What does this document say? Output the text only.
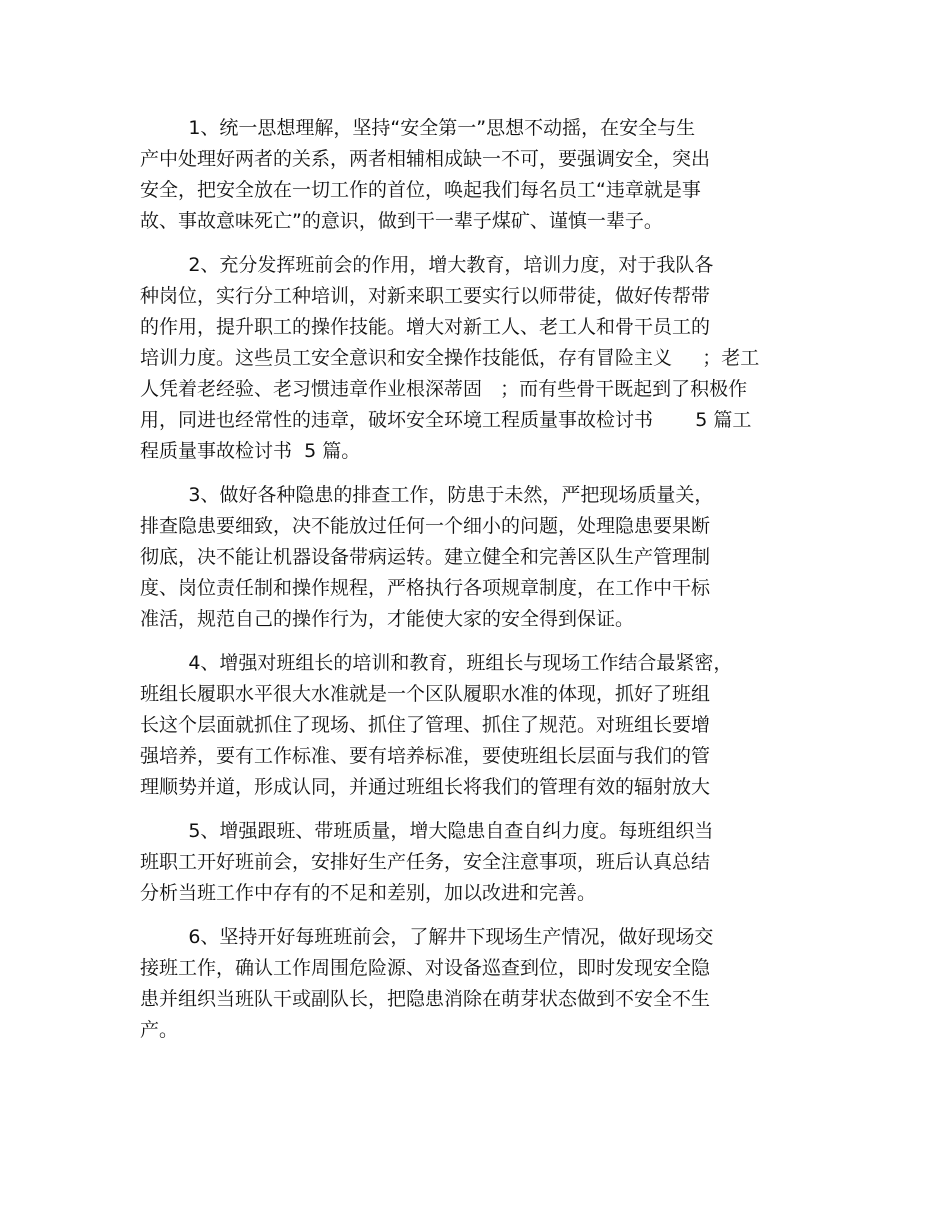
1、统一思想理解，坚持“安全第一”思想不动摇，在安全与生
产中处理好两者的关系，两者相辅相成缺一不可，要强调安全，突出
安全，把安全放在一切工作的首位，唤起我们每名员工“违章就是事
故、事故意味死亡”的意识，做到干一辈子煤矿、谨慎一辈子。
2、充分发挥班前会的作用，增大教育，培训力度，对于我队各
种岗位，实行分工种培训，对新来职工要实行以师带徒，做好传帮带
的作用，提升职工的操作技能。增大对新工人、老工人和骨干员工的
培训力度。这些员工安全意识和安全操作技能低，存有冒险主义     ；老工
人凭着老经验、老习惯违章作业根深蒂固   ；而有些骨干既起到了积极作
用，同进也经常性的违章，破坏安全环境工程质量事故检讨书       5 篇工
程质量事故检讨书  5 篇。
3、做好各种隐患的排查工作，防患于未然，严把现场质量关，
排查隐患要细致，决不能放过任何一个细小的问题，处理隐患要果断
彻底，决不能让机器设备带病运转。建立健全和完善区队生产管理制
度、岗位责任制和操作规程，严格执行各项规章制度，在工作中干标
准活，规范自己的操作行为，才能使大家的安全得到保证。
4、增强对班组长的培训和教育，班组长与现场工作结合最紧密，
班组长履职水平很大水准就是一个区队履职水准的体现，抓好了班组
长这个层面就抓住了现场、抓住了管理、抓住了规范。对班组长要增
强培养，要有工作标准、要有培养标准，要使班组长层面与我们的管
理顺势并道，形成认同，并通过班组长将我们的管理有效的辐射放大
5、增强跟班、带班质量，增大隐患自查自纠力度。每班组织当
班职工开好班前会，安排好生产任务，安全注意事项，班后认真总结
分析当班工作中存有的不足和差别，加以改进和完善。
6、坚持开好每班班前会，了解井下现场生产情况，做好现场交
接班工作，确认工作周围危险源、对设备巡查到位，即时发现安全隐
患并组织当班队干或副队长，把隐患消除在萌芽状态做到不安全不生
产。
